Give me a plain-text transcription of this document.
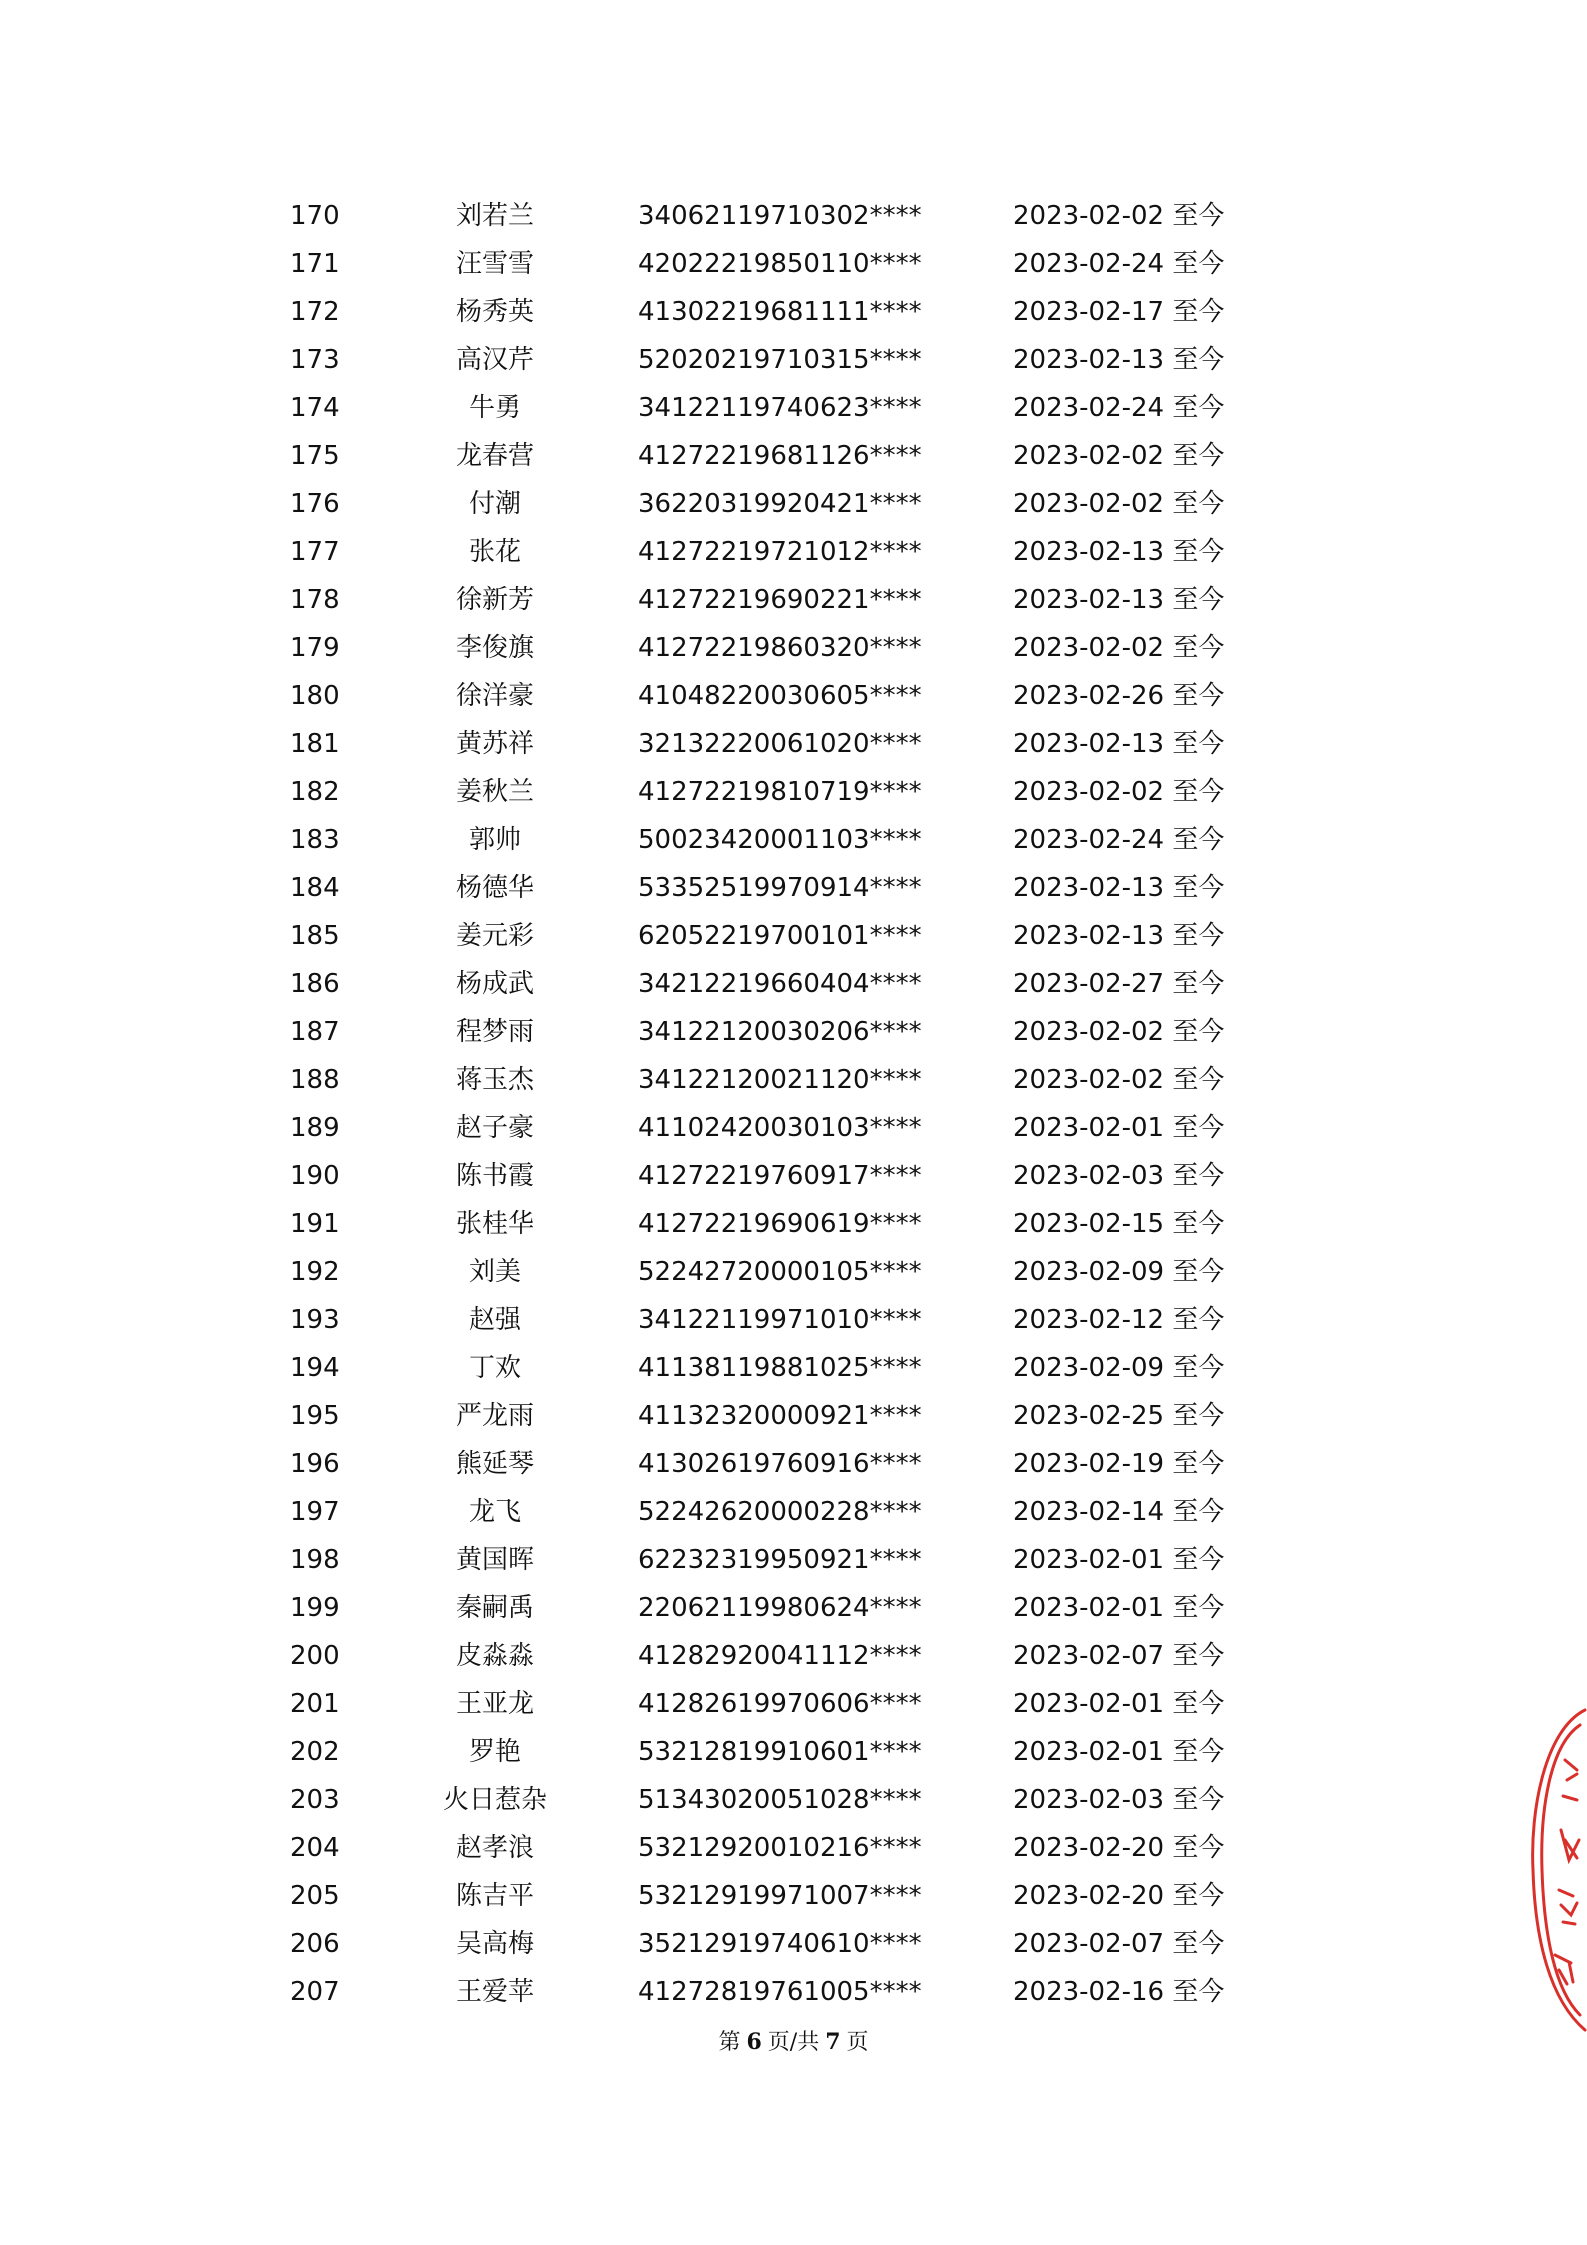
170	刘若兰	34062119710302****	2023-02-02 至今
171	汪雪雪	42022219850110****	2023-02-24 至今
172	杨秀英	41302219681111****	2023-02-17 至今
173	高汉芹	52020219710315****	2023-02-13 至今
174	牛勇	34122119740623****	2023-02-24 至今
175	龙春营	41272219681126****	2023-02-02 至今
176	付潮	36220319920421****	2023-02-02 至今
177	张花	41272219721012****	2023-02-13 至今
178	徐新芳	41272219690221****	2023-02-13 至今
179	李俊旗	41272219860320****	2023-02-02 至今
180	徐洋豪	41048220030605****	2023-02-26 至今
181	黄苏祥	32132220061020****	2023-02-13 至今
182	姜秋兰	41272219810719****	2023-02-02 至今
183	郭帅	50023420001103****	2023-02-24 至今
184	杨德华	53352519970914****	2023-02-13 至今
185	姜元彩	62052219700101****	2023-02-13 至今
186	杨成武	34212219660404****	2023-02-27 至今
187	程梦雨	34122120030206****	2023-02-02 至今
188	蒋玉杰	34122120021120****	2023-02-02 至今
189	赵子豪	41102420030103****	2023-02-01 至今
190	陈书霞	41272219760917****	2023-02-03 至今
191	张桂华	41272219690619****	2023-02-15 至今
192	刘美	52242720000105****	2023-02-09 至今
193	赵强	34122119971010****	2023-02-12 至今
194	丁欢	41138119881025****	2023-02-09 至今
195	严龙雨	41132320000921****	2023-02-25 至今
196	熊延琴	41302619760916****	2023-02-19 至今
197	龙飞	52242620000228****	2023-02-14 至今
198	黄国晖	62232319950921****	2023-02-01 至今
199	秦嗣禹	22062119980624****	2023-02-01 至今
200	皮淼淼	41282920041112****	2023-02-07 至今
201	王亚龙	41282619970606****	2023-02-01 至今
202	罗艳	53212819910601****	2023-02-01 至今
203	火日惹杂	51343020051028****	2023-02-03 至今
204	赵孝浪	53212920010216****	2023-02-20 至今
205	陈吉平	53212919971007****	2023-02-20 至今
206	吴高梅	35212919740610****	2023-02-07 至今
207	王爱苹	41272819761005****	2023-02-16 至今
第 6 页/共 7 页
